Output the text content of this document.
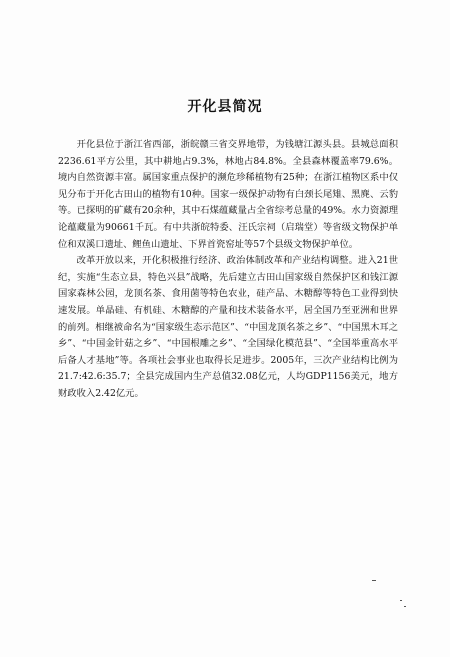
开化县简况

开化县位于浙江省西部，浙皖赣三省交界地带，为钱塘江源头县。县城总面积2236.61平方公里，其中耕地占9.3%，林地占84.8%。全县森林覆盖率79.6%。境内自然资源丰富。属国家重点保护的濒危珍稀植物有25种；在浙江植物区系中仅见分布于开化古田山的植物有10种。国家一级保护动物有白颈长尾雉、黑麂、云豹等。已探明的矿藏有20余种，其中石煤蕴藏量占全省综考总量的49%。水力资源理论蕴藏量为90661千瓦。有中共浙皖特委、汪氏宗祠（启瑞堂）等省级文物保护单位和双溪口遗址、鲤鱼山遗址、下界首瓷窑址等57个县级文物保护单位。

改革开放以来，开化积极推行经济、政治体制改革和产业结构调整。进入21世纪，实施“生态立县，特色兴县”战略，先后建立古田山国家级自然保护区和钱江源国家森林公园，龙顶名茶、食用菌等特色农业，硅产品、木糖醇等特色工业得到快速发展。单晶硅、有机硅、木糖醇的产量和技术装备水平，居全国乃至亚洲和世界的前列。相继被命名为“国家级生态示范区”、“中国龙顶名茶之乡”、“中国黑木耳之乡”、“中国金针菇之乡”、“中国根雕之乡”、“全国绿化模范县”、“全国举重高水平后备人才基地”等。各项社会事业也取得长足进步。2005年，三次产业结构比例为21.7:42.6:35.7；全县完成国内生产总值32.08亿元，人均GDP1156美元，地方财政收入2.42亿元。
